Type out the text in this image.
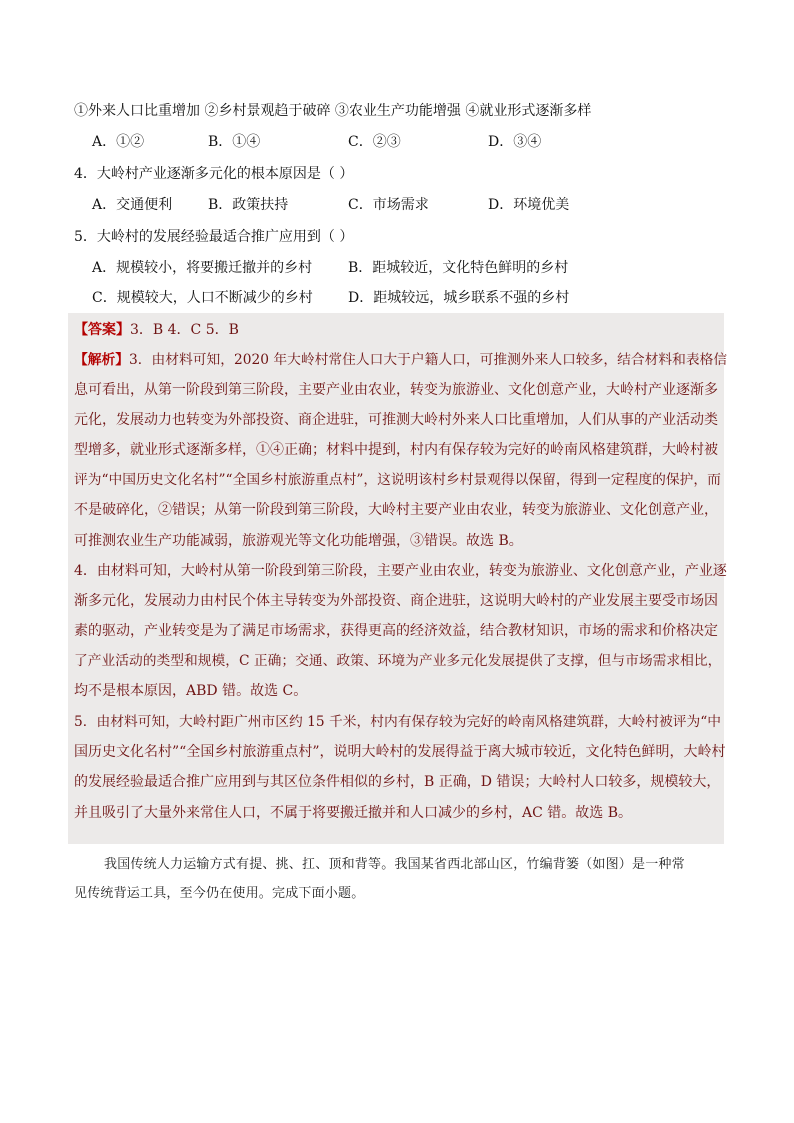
①外来人口比重增加 ②乡村景观趋于破碎 ③农业生产功能增强 ④就业形式逐渐多样
A．①②	B．①④	C．②③	D．③④
4．大岭村产业逐渐多元化的根本原因是（ ）
A．交通便利	B．政策扶持	C．市场需求	D．环境优美
5．大岭村的发展经验最适合推广应用到（ ）
A．规模较小，将要搬迁撤并的乡村	B．距城较近，文化特色鲜明的乡村
C．规模较大，人口不断减少的乡村	D．距城较远，城乡联系不强的乡村
【答案】3．B 4．C 5．B
【解析】3．由材料可知，2020 年大岭村常住人口大于户籍人口，可推测外来人口较多，结合材料和表格信
息可看出，从第一阶段到第三阶段，主要产业由农业，转变为旅游业、文化创意产业，大岭村产业逐渐多
元化，发展动力也转变为外部投资、商企进驻，可推测大岭村外来人口比重增加，人们从事的产业活动类
型增多，就业形式逐渐多样，①④正确；材料中提到，村内有保存较为完好的岭南风格建筑群，大岭村被
评为“中国历史文化名村”“全国乡村旅游重点村”，这说明该村乡村景观得以保留，得到一定程度的保护，而
不是破碎化，②错误；从第一阶段到第三阶段，大岭村主要产业由农业，转变为旅游业、文化创意产业，
可推测农业生产功能减弱，旅游观光等文化功能增强，③错误。故选 B。
4．由材料可知，大岭村从第一阶段到第三阶段，主要产业由农业，转变为旅游业、文化创意产业，产业逐
渐多元化，发展动力由村民个体主导转变为外部投资、商企进驻，这说明大岭村的产业发展主要受市场因
素的驱动，产业转变是为了满足市场需求，获得更高的经济效益，结合教材知识，市场的需求和价格决定
了产业活动的类型和规模，C 正确；交通、政策、环境为产业多元化发展提供了支撑，但与市场需求相比，
均不是根本原因，ABD 错。故选 C。
5．由材料可知，大岭村距广州市区约 15 千米，村内有保存较为完好的岭南风格建筑群，大岭村被评为“中
国历史文化名村”“全国乡村旅游重点村”，说明大岭村的发展得益于离大城市较近，文化特色鲜明，大岭村
的发展经验最适合推广应用到与其区位条件相似的乡村，B 正确，D 错误；大岭村人口较多，规模较大，
并且吸引了大量外来常住人口，不属于将要搬迁撤并和人口减少的乡村，AC 错。故选 B。
我国传统人力运输方式有提、挑、扛、顶和背等。我国某省西北部山区，竹编背篓（如图）是一种常
见传统背运工具，至今仍在使用。完成下面小题。
